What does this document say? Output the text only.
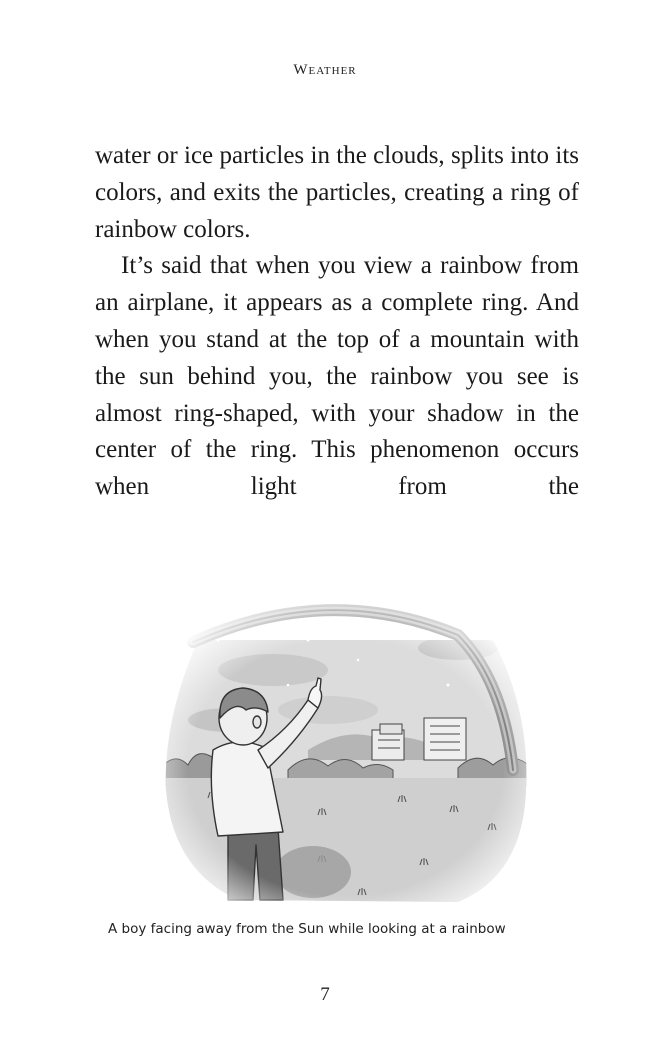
Weather

water or ice particles in the clouds, splits into its colors, and exits the particles, creating a ring of rainbow colors.

It’s said that when you view a rainbow from an airplane, it appears as a complete ring. And when you stand at the top of a mountain with the sun behind you, the rainbow you see is almost ring-shaped, with your shadow in the center of the ring. This phenomenon occurs when light from the

A boy facing away from the Sun while looking at a rainbow
7
